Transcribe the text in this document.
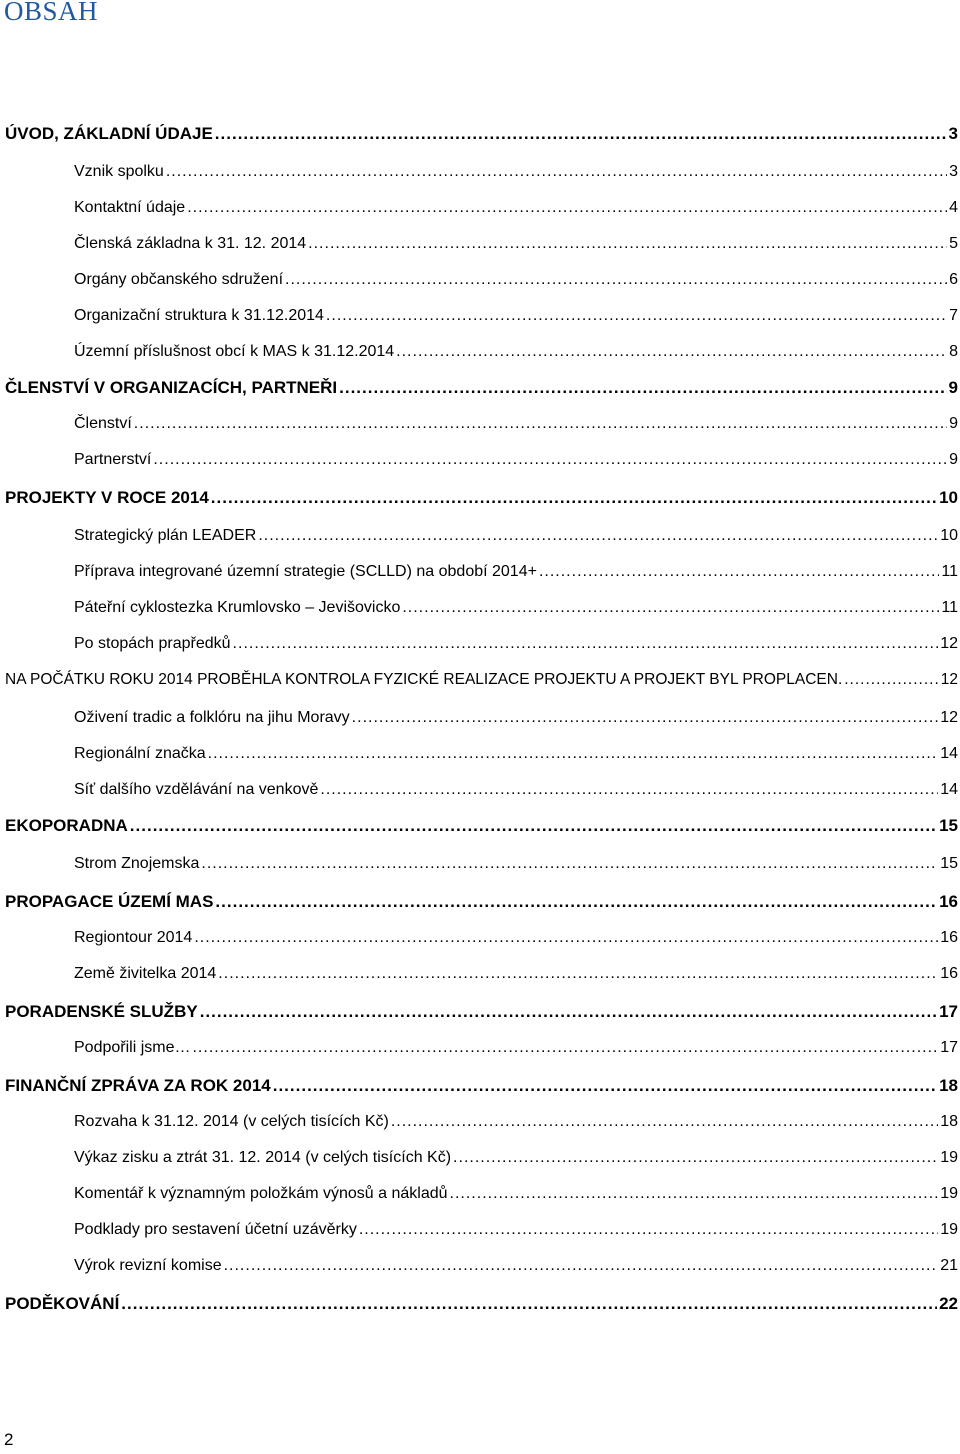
OBSAH
ÚVOD, ZÁKLADNÍ ÚDAJE .....	3
Vznik spolku .....	3
Kontaktní údaje .....	4
Členská základna k 31. 12. 2014 .....	5
Orgány občanského sdružení .....	6
Organizační struktura k 31.12.2014 .....	7
Územní příslušnost obcí k MAS k 31.12.2014 .....	8
ČLENSTVÍ V ORGANIZACÍCH, PARTNEŘI .....	9
Členství .....	9
Partnerství .....	9
PROJEKTY V ROCE 2014 .....	10
Strategický plán LEADER .....	10
Příprava integrované územní strategie (SCLLD) na období 2014+ .....	11
Páteřní cyklostezka Krumlovsko – Jevišovicko .....	11
Po stopách prapředků .....	12
NA POČÁTKU ROKU 2014 PROBĚHLA KONTROLA FYZICKÉ REALIZACE PROJEKTU A PROJEKT BYL PROPLACEN. .....	12
Oživení tradic a folklóru na jihu Moravy .....	12
Regionální značka .....	14
Síť dalšího vzdělávání na venkově .....	14
EKOPORADNA .....	15
Strom Znojemska .....	15
PROPAGACE ÚZEMÍ MAS .....	16
Regiontour 2014 .....	16
Země živitelka 2014 .....	16
PORADENSKÉ SLUŽBY .....	17
Podpořili jsme… .....	17
FINANČNÍ ZPRÁVA ZA ROK 2014 .....	18
Rozvaha k 31.12. 2014 (v celých tisících Kč) .....	18
Výkaz zisku a ztrát 31. 12. 2014 (v celých tisících Kč) .....	19
Komentář k významným položkám výnosů a nákladů .....	19
Podklady pro sestavení účetní uzávěrky .....	19
Výrok revizní komise .....	21
PODĚKOVÁNÍ .....	22
2
